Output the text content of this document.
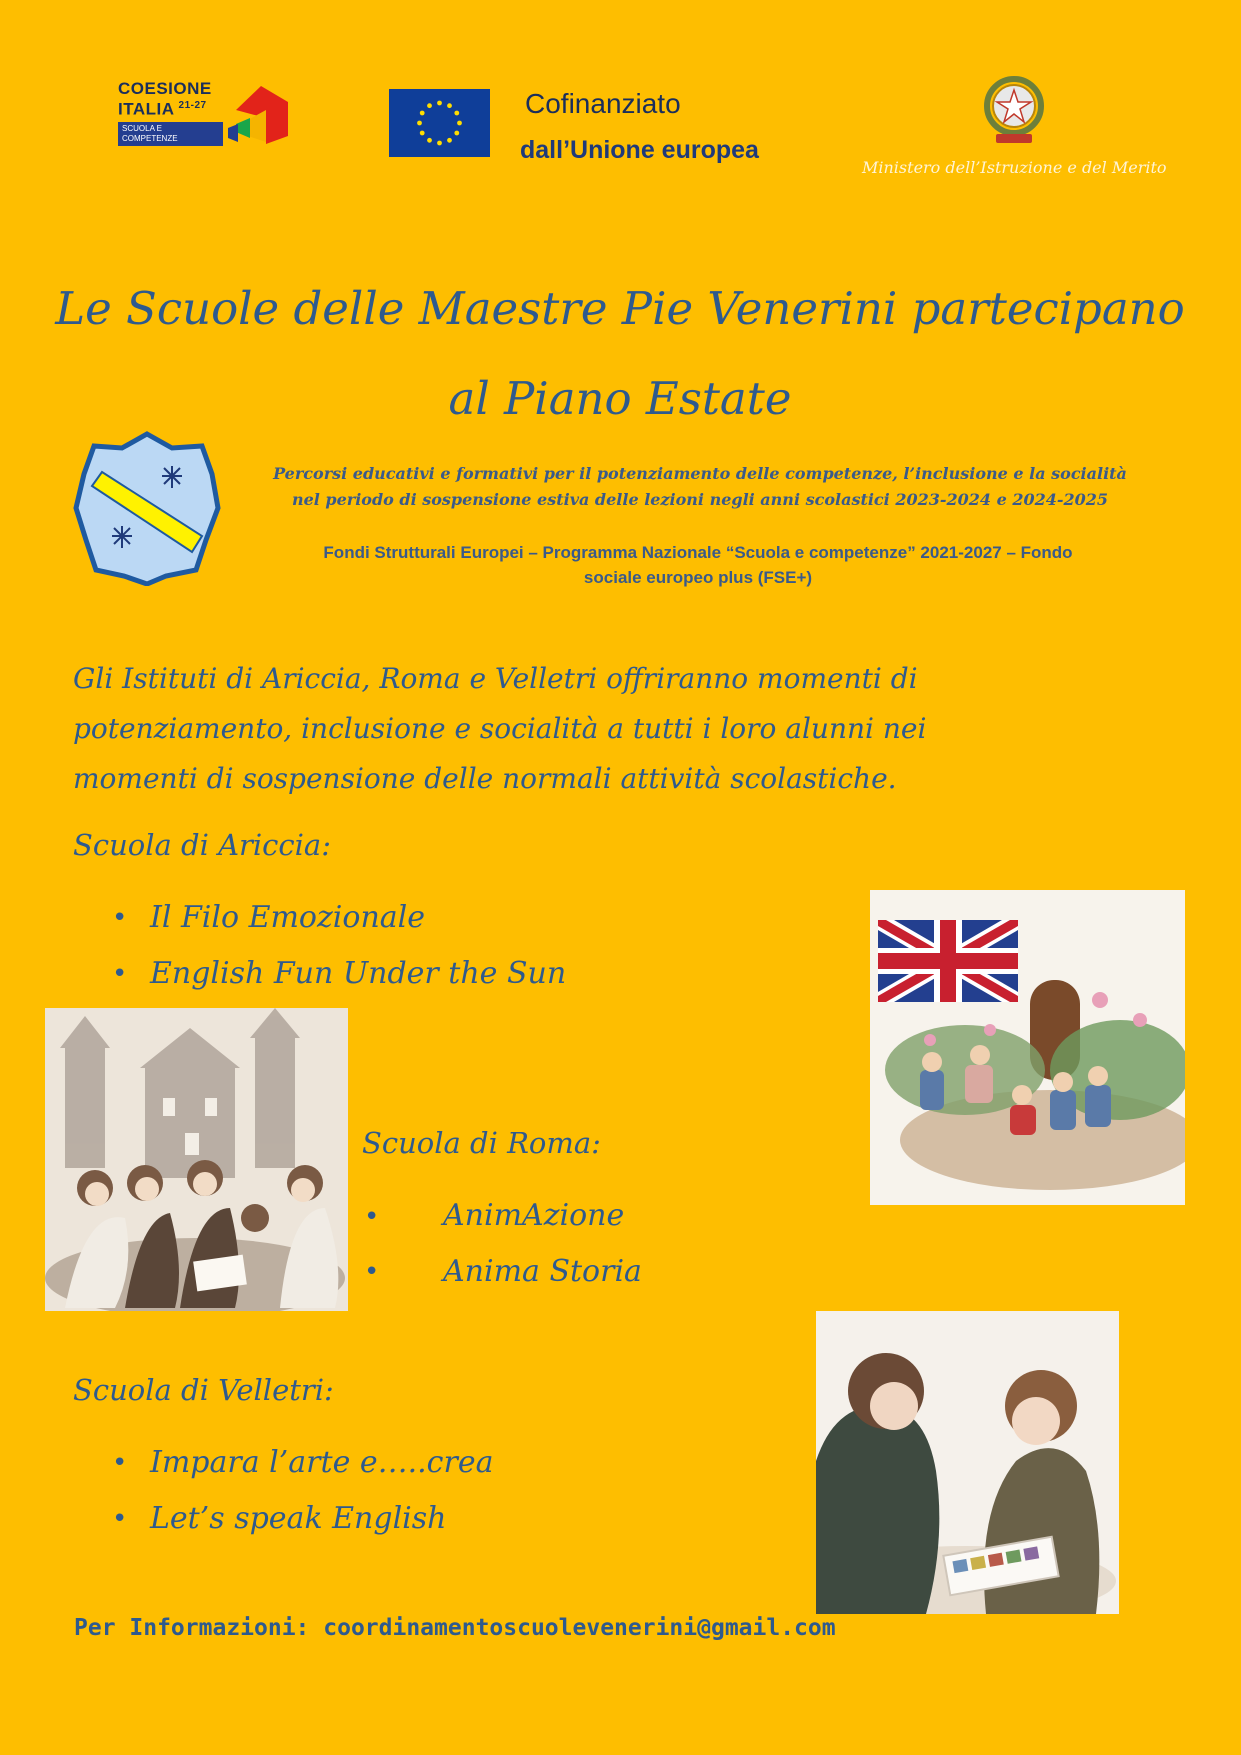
COESIONE
ITALIA $^{21-27}$
SCUOLA E
COMPETENZE
Cofinanziato
dall’Unione europea
Ministero dell’Istruzione e del Merito
Le Scuole delle Maestre Pie Venerini partecipano
al Piano Estate
Percorsi educativi e formativi per il potenziamento delle competenze, l’inclusione e la socialità
nel periodo di sospensione estiva delle lezioni negli anni scolastici 2023-2024 e 2024-2025
Fondi Strutturali Europei – Programma Nazionale “Scuola e competenze” 2021-2027 – Fondo
sociale europeo plus (FSE+)
Gli Istituti di Ariccia, Roma e Velletri offriranno momenti di
potenziamento, inclusione e socialità a tutti i loro alunni nei
momenti di sospensione delle normali attività scolastiche.
Scuola di Ariccia:
• Il Filo Emozionale
• English Fun Under the Sun
Scuola di Roma:
• AnimAzione
• Anima Storia
Scuola di Velletri:
• Impara l’arte e…..crea
• Let’s speak English
Per Informazioni: coordinamentoscuolevenerini@gmail.com
